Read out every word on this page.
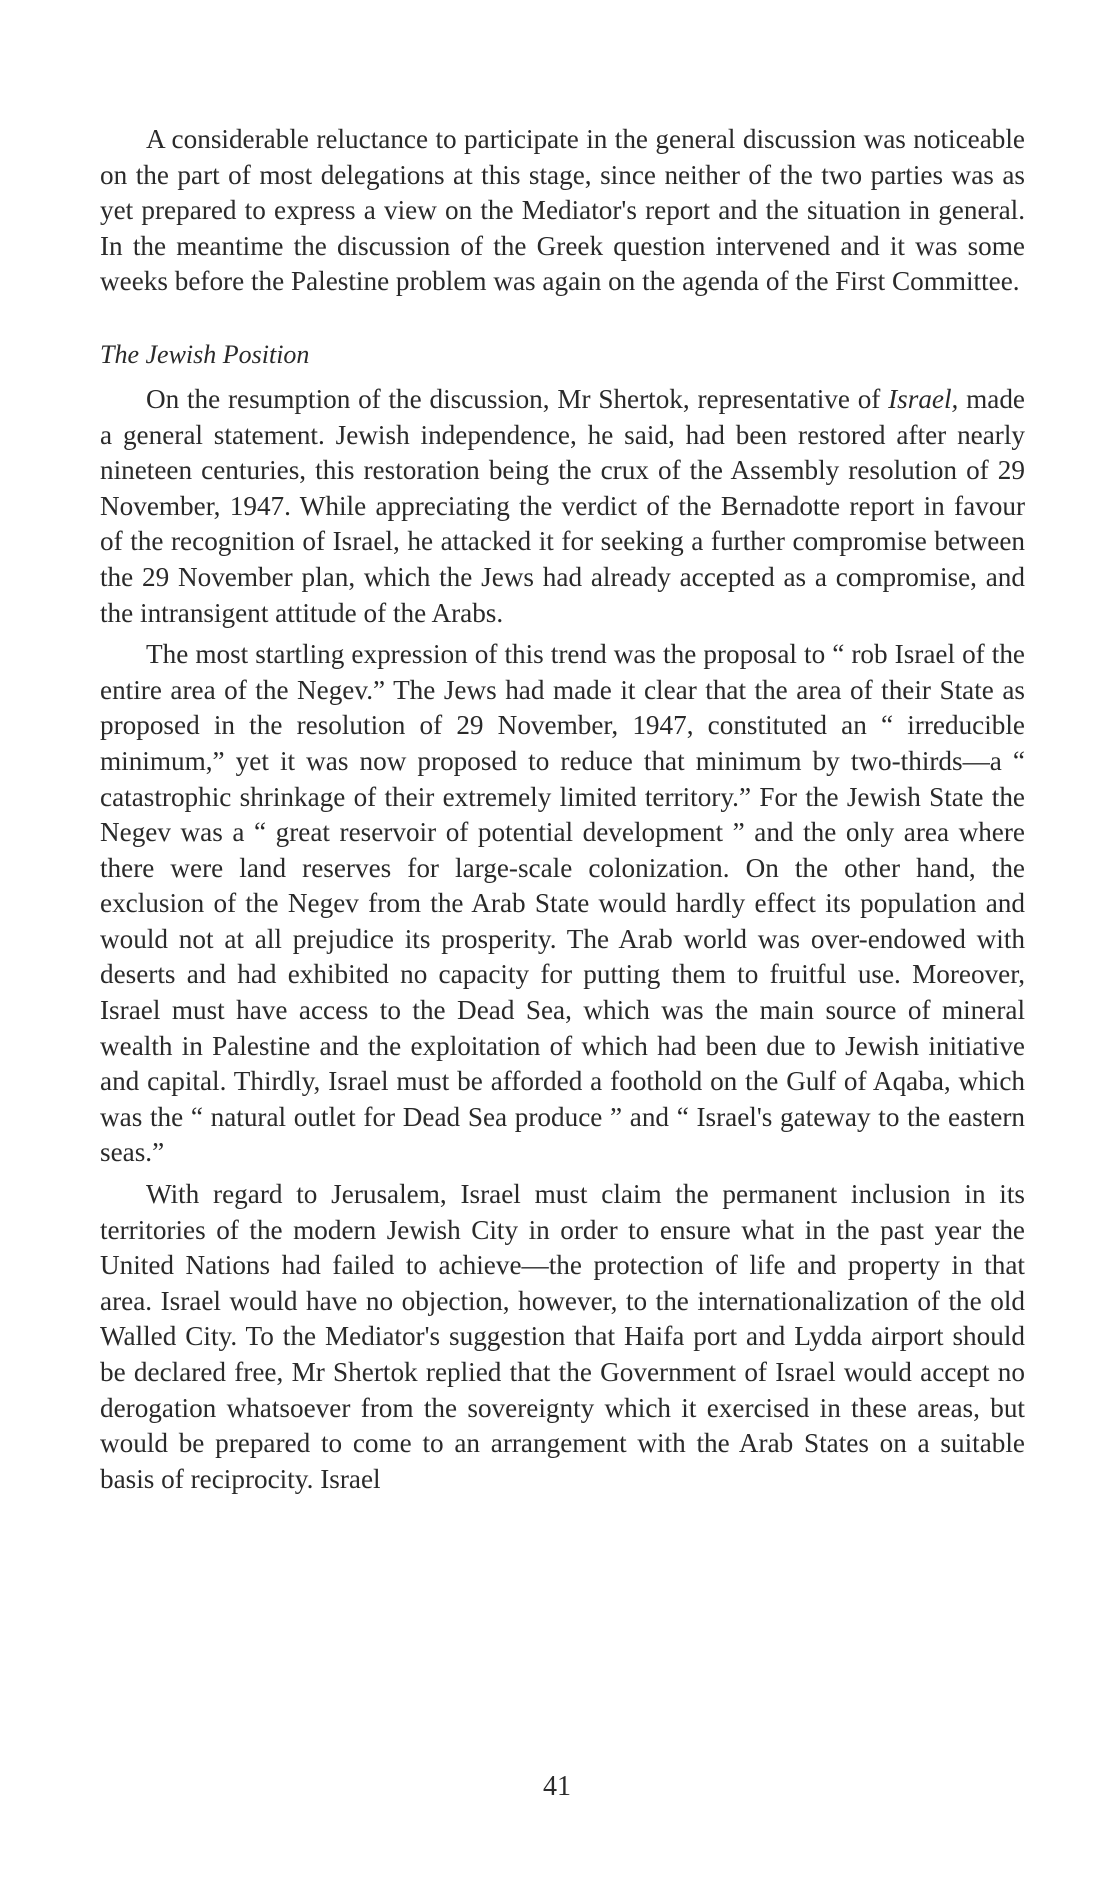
A considerable reluctance to participate in the general discussion was noticeable on the part of most delegations at this stage, since neither of the two parties was as yet prepared to express a view on the Mediator's report and the situation in general. In the meantime the discussion of the Greek question intervened and it was some weeks before the Palestine problem was again on the agenda of the First Committee.

The Jewish Position

On the resumption of the discussion, Mr Shertok, representative of Israel, made a general statement. Jewish independence, he said, had been restored after nearly nineteen centuries, this restoration being the crux of the Assembly resolution of 29 November, 1947. While appreciating the verdict of the Bernadotte report in favour of the recognition of Israel, he attacked it for seeking a further compromise between the 29 November plan, which the Jews had already accepted as a compromise, and the intransigent attitude of the Arabs.

The most startling expression of this trend was the proposal to “ rob Israel of the entire area of the Negev.” The Jews had made it clear that the area of their State as proposed in the resolution of 29 November, 1947, constituted an “ irreducible minimum,” yet it was now proposed to reduce that minimum by two-thirds—a “ catastrophic shrinkage of their extremely limited territory.” For the Jewish State the Negev was a “ great reservoir of potential development ” and the only area where there were land reserves for large-scale colonization. On the other hand, the exclusion of the Negev from the Arab State would hardly effect its population and would not at all prejudice its prosperity. The Arab world was over-endowed with deserts and had exhibited no capacity for putting them to fruitful use. Moreover, Israel must have access to the Dead Sea, which was the main source of mineral wealth in Palestine and the exploitation of which had been due to Jewish initiative and capital. Thirdly, Israel must be afforded a foothold on the Gulf of Aqaba, which was the “ natural outlet for Dead Sea produce ” and “ Israel's gateway to the eastern seas.”

With regard to Jerusalem, Israel must claim the permanent inclusion in its territories of the modern Jewish City in order to ensure what in the past year the United Nations had failed to achieve—the protection of life and property in that area. Israel would have no objection, however, to the internationalization of the old Walled City. To the Mediator's suggestion that Haifa port and Lydda airport should be declared free, Mr Shertok replied that the Government of Israel would accept no derogation whatsoever from the sovereignty which it exercised in these areas, but would be prepared to come to an arrangement with the Arab States on a suitable basis of reciprocity. Israel

41
